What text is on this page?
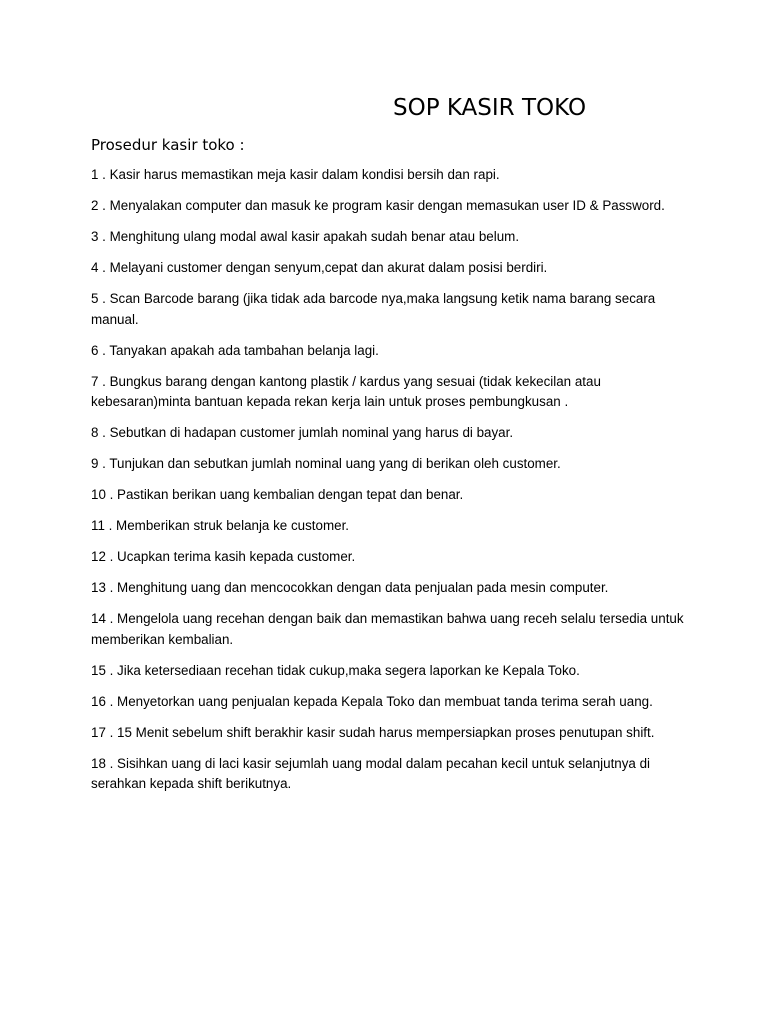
SOP KASIR TOKO

Prosedur kasir toko :

1 . Kasir harus memastikan meja kasir dalam kondisi bersih dan rapi.
2 . Menyalakan computer dan masuk ke program kasir dengan memasukan user ID & Password.
3 . Menghitung ulang modal awal kasir apakah sudah benar atau belum.
4 . Melayani customer dengan senyum,cepat dan akurat dalam posisi berdiri.
5 . Scan Barcode barang (jika tidak ada barcode nya,maka langsung ketik nama barang secara manual.
6 . Tanyakan apakah ada tambahan belanja lagi.
7 . Bungkus barang dengan kantong plastik / kardus yang sesuai (tidak kekecilan atau kebesaran)minta bantuan kepada rekan kerja lain untuk proses pembungkusan .
8 . Sebutkan di hadapan customer jumlah nominal yang harus di bayar.
9 . Tunjukan dan sebutkan jumlah nominal uang yang di berikan oleh customer.
10 . Pastikan berikan uang kembalian dengan tepat dan benar.
11 . Memberikan struk belanja ke customer.
12 . Ucapkan terima kasih kepada customer.
13 . Menghitung uang dan mencocokkan dengan data penjualan pada mesin computer.
14 . Mengelola uang recehan dengan baik dan memastikan bahwa uang receh selalu tersedia untuk memberikan kembalian.
15 . Jika ketersediaan recehan tidak cukup,maka segera laporkan ke Kepala Toko.
16 . Menyetorkan uang penjualan kepada Kepala Toko dan membuat tanda terima serah uang.
17 . 15 Menit sebelum shift berakhir kasir sudah harus mempersiapkan proses penutupan shift.
18 . Sisihkan uang di laci kasir sejumlah uang modal dalam pecahan kecil untuk selanjutnya di serahkan kepada shift berikutnya.
